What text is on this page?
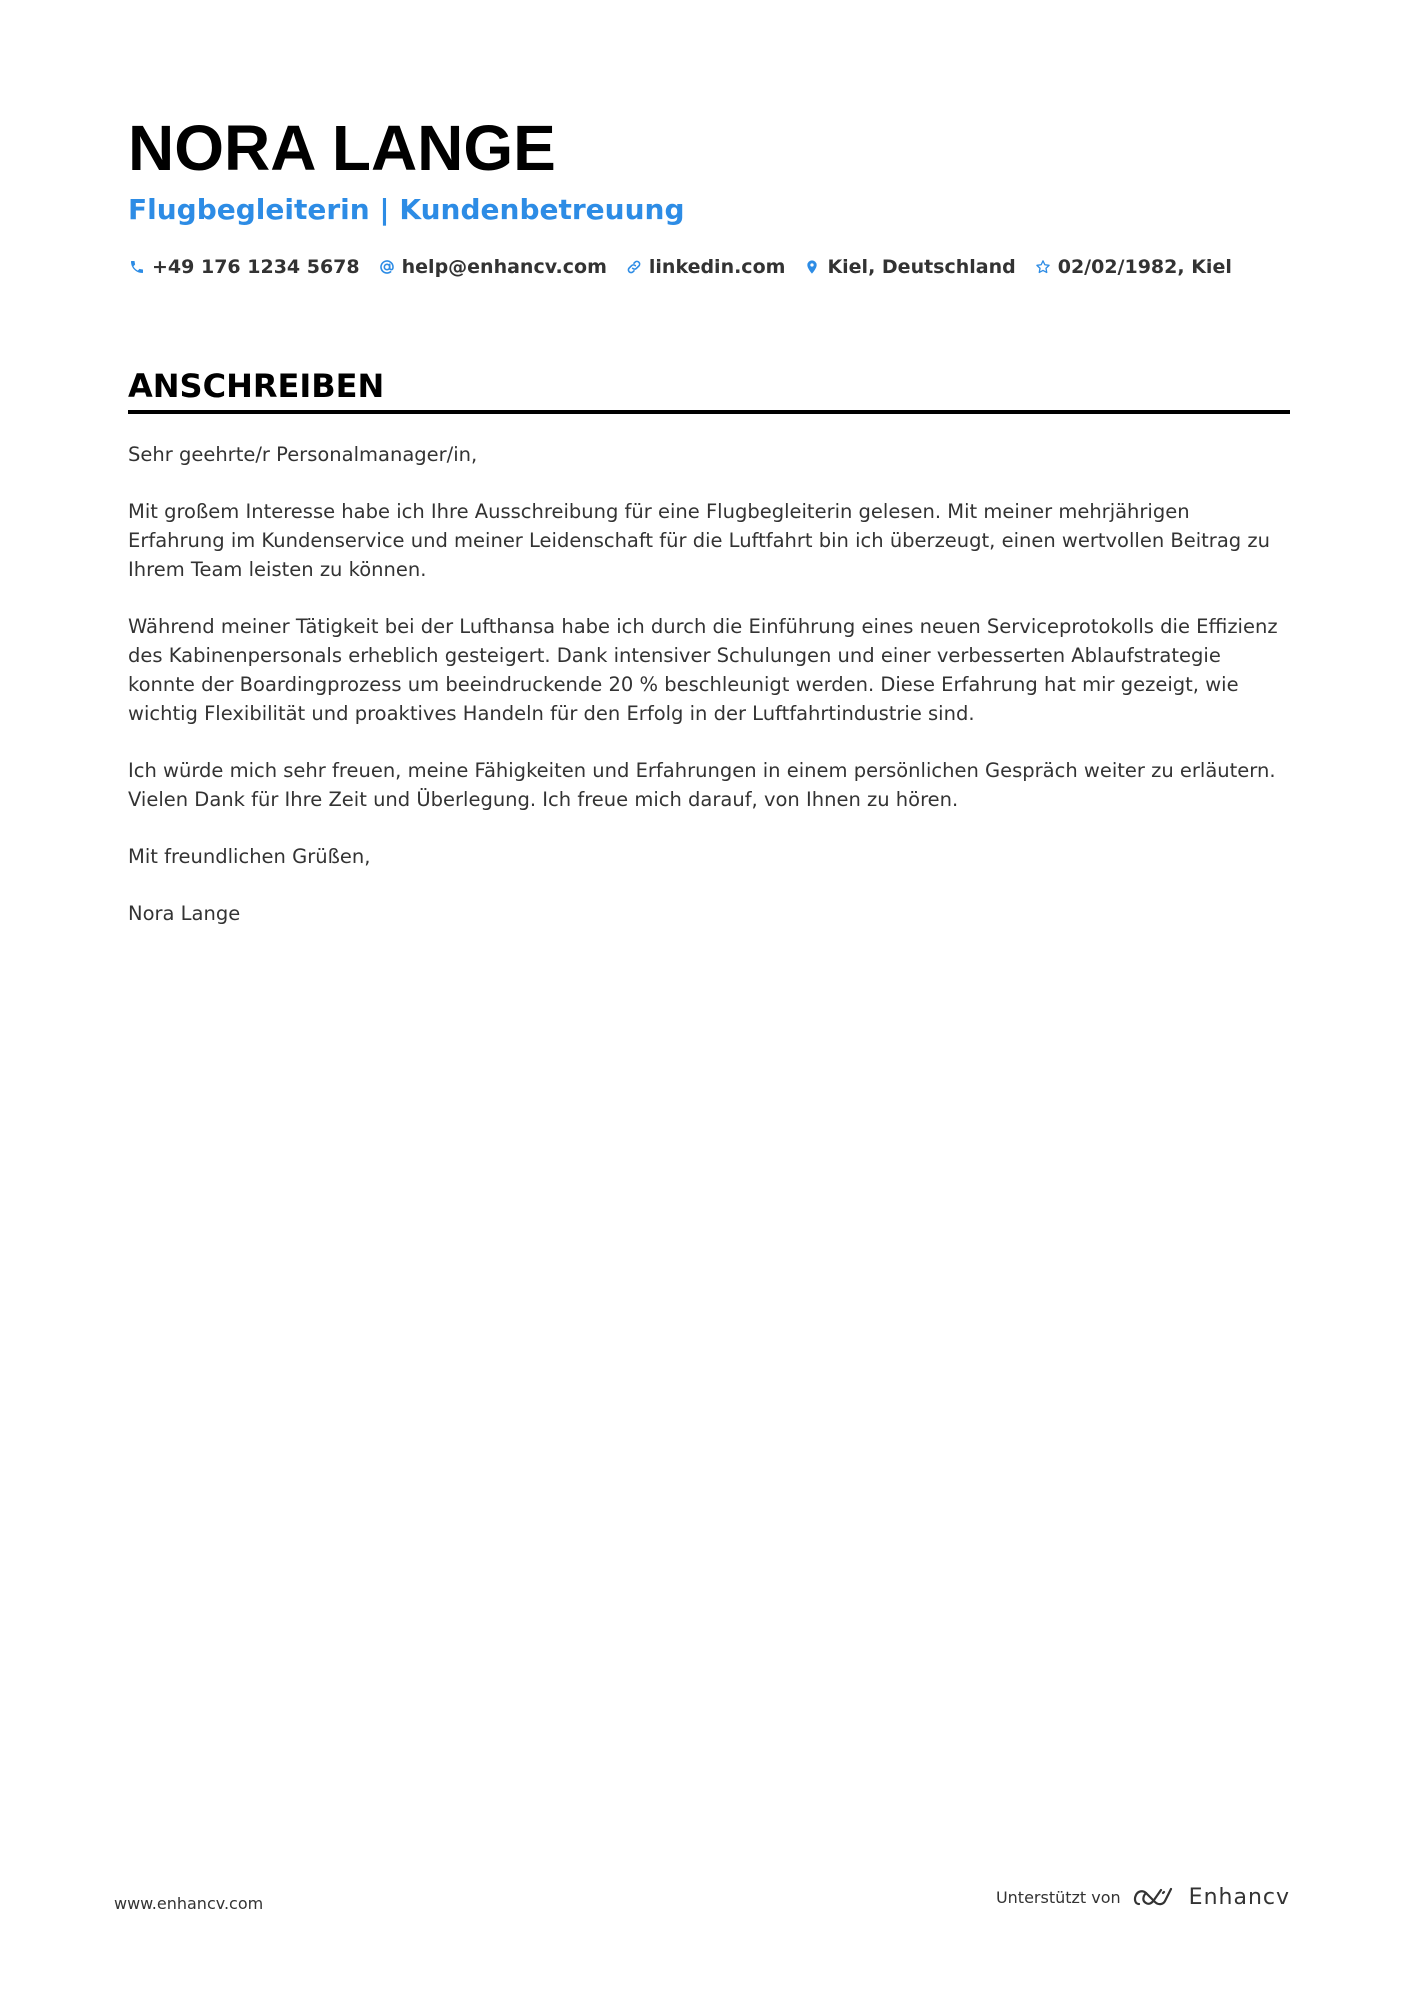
NORA LANGE
Flugbegleiterin | Kundenbetreuung
+49 176 1234 5678 help@enhancv.com linkedin.com Kiel, Deutschland 02/02/1982, Kiel
ANSCHREIBEN

Sehr geehrte/r Personalmanager/in,

Mit großem Interesse habe ich Ihre Ausschreibung für eine Flugbegleiterin gelesen. Mit meiner mehrjährigen Erfahrung im Kundenservice und meiner Leidenschaft für die Luftfahrt bin ich überzeugt, einen wertvollen Beitrag zu Ihrem Team leisten zu können.

Während meiner Tätigkeit bei der Lufthansa habe ich durch die Einführung eines neuen Serviceprotokolls die Effizienz des Kabinenpersonals erheblich gesteigert. Dank intensiver Schulungen und einer verbesserten Ablaufstrategie konnte der Boardingprozess um beeindruckende 20 % beschleunigt werden. Diese Erfahrung hat mir gezeigt, wie wichtig Flexibilität und proaktives Handeln für den Erfolg in der Luftfahrtindustrie sind.

Ich würde mich sehr freuen, meine Fähigkeiten und Erfahrungen in einem persönlichen Gespräch weiter zu erläutern. Vielen Dank für Ihre Zeit und Überlegung. Ich freue mich darauf, von Ihnen zu hören.

Mit freundlichen Grüßen,

Nora Lange

www.enhancv.com	Unterstützt von	Enhancv
